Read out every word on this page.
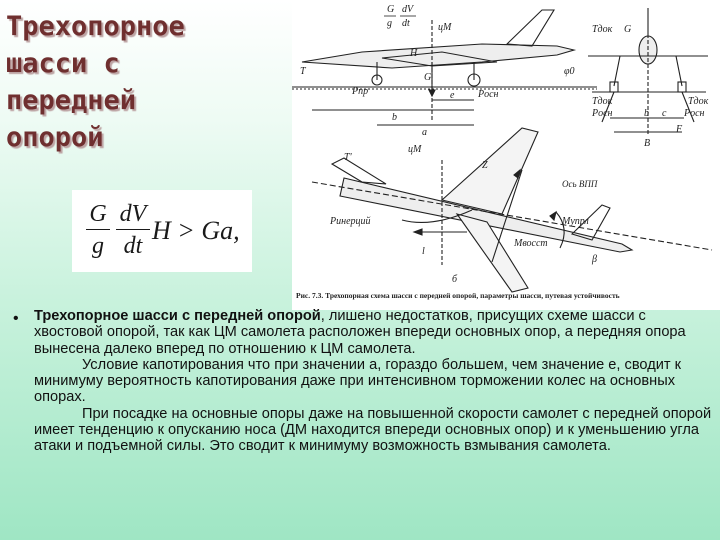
Трехопорное
шасси с
передней
опорой
G
g
dV
dt
H > Ga,
G
g
dV
dt	цМ
T	φ0
Tдок G
Pпр	Pосн
G
b
e
a
H
Tдок
Pосн
Tдок
Pосн
b c
B
F
цМ
T'
Z
Ось ВПП
Pинерций	Mупрл
Mвосст
l
β
б
Рис. 7.3. Трехопорная схема шасси с передней опорой, параметры шасси, путевая устойчивость
• Трехопорное шасси с передней опорой, лишено недостатков, присущих схеме шасси с хвостовой опорой, так как ЦМ самолета расположен впереди основных опор, а передняя опора вынесена далеко вперед по отношению к ЦМ самолета.

Условие капотирования что при значении а, гораздо большем, чем значение е, сводит к минимуму вероятность капотирования даже при интенсивном торможении колес на основных опорах.

При посадке на основные опоры даже на повышенной скорости самолет с передней опорой имеет тенденцию к опусканию носа (ДМ находится впереди основных опор) и к уменьшению угла атаки и подъемной силы. Это сводит к минимуму возможность взмывания самолета.
